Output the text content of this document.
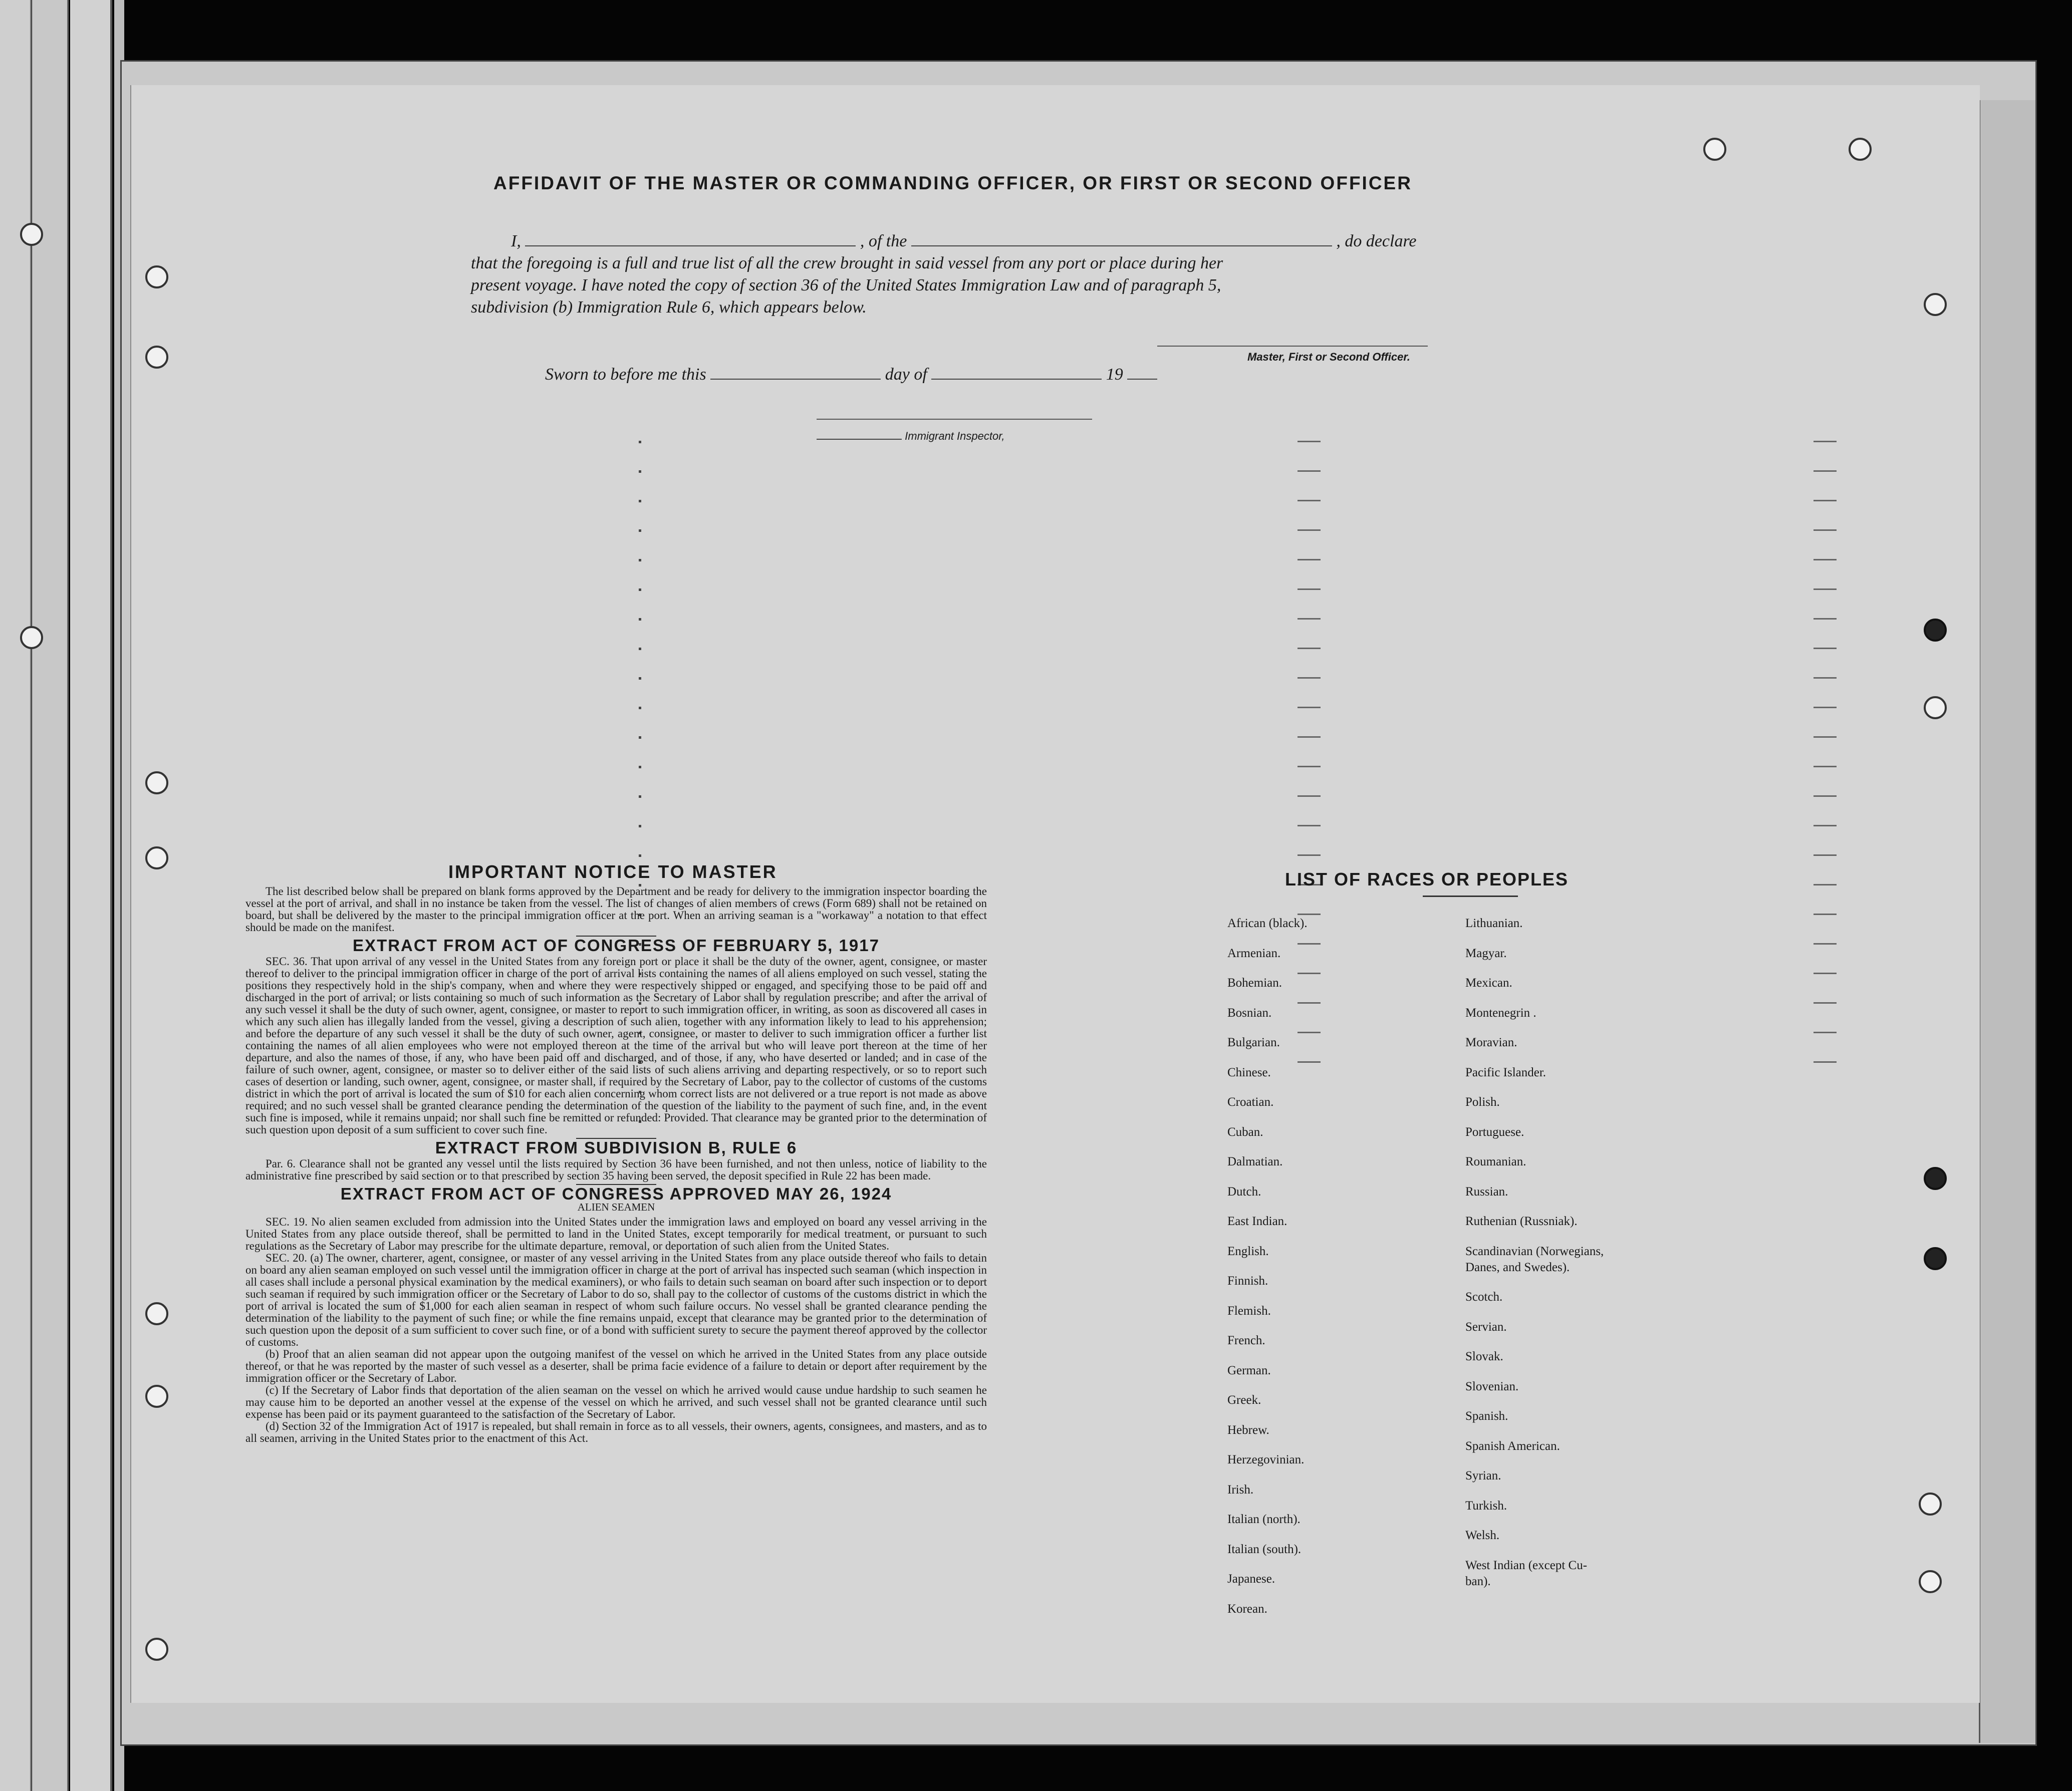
AFFIDAVIT OF THE MASTER OR COMMANDING OFFICER, OR FIRST OR SECOND OFFICER
I,	, of the	, do declare
that the foregoing is a full and true list of all the crew brought in said vessel from any port or place during her
present voyage. I have noted the copy of section 36 of the United States Immigration Law and of paragraph 5,
subdivision (b) Immigration Rule 6, which appears below.
Master, First or Second Officer.
Sworn to before me this	day of	19
Immigrant Inspector,
IMPORTANT NOTICE TO MASTER
The list described below shall be prepared on blank forms approved by the Department and be ready for delivery to the immigration inspector boarding the vessel at the port of arrival, and shall in no instance be taken from the vessel. The list of changes of alien members of crews (Form 689) shall not be retained on board, but shall be delivered by the master to the principal immigration officer at the port. When an arriving seaman is a "workaway" a notation to that effect should be made on the manifest.
EXTRACT FROM ACT OF CONGRESS OF FEBRUARY 5, 1917
SEC. 36. That upon arrival of any vessel in the United States from any foreign port or place it shall be the duty of the owner, agent, consignee, or master thereof to deliver to the principal immigration officer in charge of the port of arrival lists containing the names of all aliens employed on such vessel, stating the positions they respectively hold in the ship's company, when and where they were respectively shipped or engaged, and specifying those to be paid off and discharged in the port of arrival; or lists containing so much of such information as the Secretary of Labor shall by regulation prescribe; and after the arrival of any such vessel it shall be the duty of such owner, agent, consignee, or master to report to such immigration officer, in writing, as soon as discovered all cases in which any such alien has illegally landed from the vessel, giving a description of such alien, together with any information likely to lead to his apprehension; and before the departure of any such vessel it shall be the duty of such owner, agent, consignee, or master to deliver to such immigration officer a further list containing the names of all alien employees who were not employed thereon at the time of the arrival but who will leave port thereon at the time of her departure, and also the names of those, if any, who have been paid off and discharged, and of those, if any, who have deserted or landed; and in case of the failure of such owner, agent, consignee, or master so to deliver either of the said lists of such aliens arriving and departing respectively, or so to report such cases of desertion or landing, such owner, agent, consignee, or master shall, if required by the Secretary of Labor, pay to the collector of customs of the customs district in which the port of arrival is located the sum of $10 for each alien concerning whom correct lists are not delivered or a true report is not made as above required; and no such vessel shall be granted clearance pending the determination of the question of the liability to the payment of such fine, and, in the event such fine is imposed, while it remains unpaid; nor shall such fine be remitted or refunded: Provided. That clearance may be granted prior to the determination of such question upon deposit of a sum sufficient to cover such fine.
EXTRACT FROM SUBDIVISION B, RULE 6
Par. 6. Clearance shall not be granted any vessel until the lists required by Section 36 have been furnished, and not then unless, notice of liability to the administrative fine prescribed by said section or to that prescribed by section 35 having been served, the deposit specified in Rule 22 has been made.
EXTRACT FROM ACT OF CONGRESS APPROVED MAY 26, 1924
ALIEN SEAMEN
SEC. 19. No alien seamen excluded from admission into the United States under the immigration laws and employed on board any vessel arriving in the United States from any place outside thereof, shall be permitted to land in the United States, except temporarily for medical treatment, or pursuant to such regulations as the Secretary of Labor may prescribe for the ultimate departure, removal, or deportation of such alien from the United States.
SEC. 20. (a) The owner, charterer, agent, consignee, or master of any vessel arriving in the United States from any place outside thereof who fails to detain on board any alien seaman employed on such vessel until the immigration officer in charge at the port of arrival has inspected such seaman (which inspection in all cases shall include a personal physical examination by the medical examiners), or who fails to detain such seaman on board after such inspection or to deport such seaman if required by such immigration officer or the Secretary of Labor to do so, shall pay to the collector of customs of the customs district in which the port of arrival is located the sum of $1,000 for each alien seaman in respect of whom such failure occurs. No vessel shall be granted clearance pending the determination of the liability to the payment of such fine; or while the fine remains unpaid, except that clearance may be granted prior to the determination of such question upon the deposit of a sum sufficient to cover such fine, or of a bond with sufficient surety to secure the payment thereof approved by the collector of customs.
(b) Proof that an alien seaman did not appear upon the outgoing manifest of the vessel on which he arrived in the United States from any place outside thereof, or that he was reported by the master of such vessel as a deserter, shall be prima facie evidence of a failure to detain or deport after requirement by the immigration officer or the Secretary of Labor.
(c) If the Secretary of Labor finds that deportation of the alien seaman on the vessel on which he arrived would cause undue hardship to such seamen he may cause him to be deported an another vessel at the expense of the vessel on which he arrived, and such vessel shall not be granted clearance until such expense has been paid or its payment guaranteed to the satisfaction of the Secretary of Labor.
(d) Section 32 of the Immigration Act of 1917 is repealed, but shall remain in force as to all vessels, their owners, agents, consignees, and masters, and as to all seamen, arriving in the United States prior to the enactment of this Act.
LIST OF RACES OR PEOPLES
African (black).
Armenian.
Bohemian.
Bosnian.
Bulgarian.
Chinese.
Croatian.
Cuban.
Dalmatian.
Dutch.
East Indian.
English.
Finnish.
Flemish.
French.
German.
Greek.
Hebrew.
Herzegovinian.
Irish.
Italian (north).
Italian (south).
Japanese.
Korean.
Lithuanian.
Magyar.
Mexican.
Montenegrin .
Moravian.
Pacific Islander.
Polish.
Portuguese.
Roumanian.
Russian.
Ruthenian (Russniak).
Scandinavian (Norwegians,
Danes, and Swedes).
Scotch.
Servian.
Slovak.
Slovenian.
Spanish.
Spanish American.
Syrian.
Turkish.
Welsh.
West Indian (except Cu-
ban).
